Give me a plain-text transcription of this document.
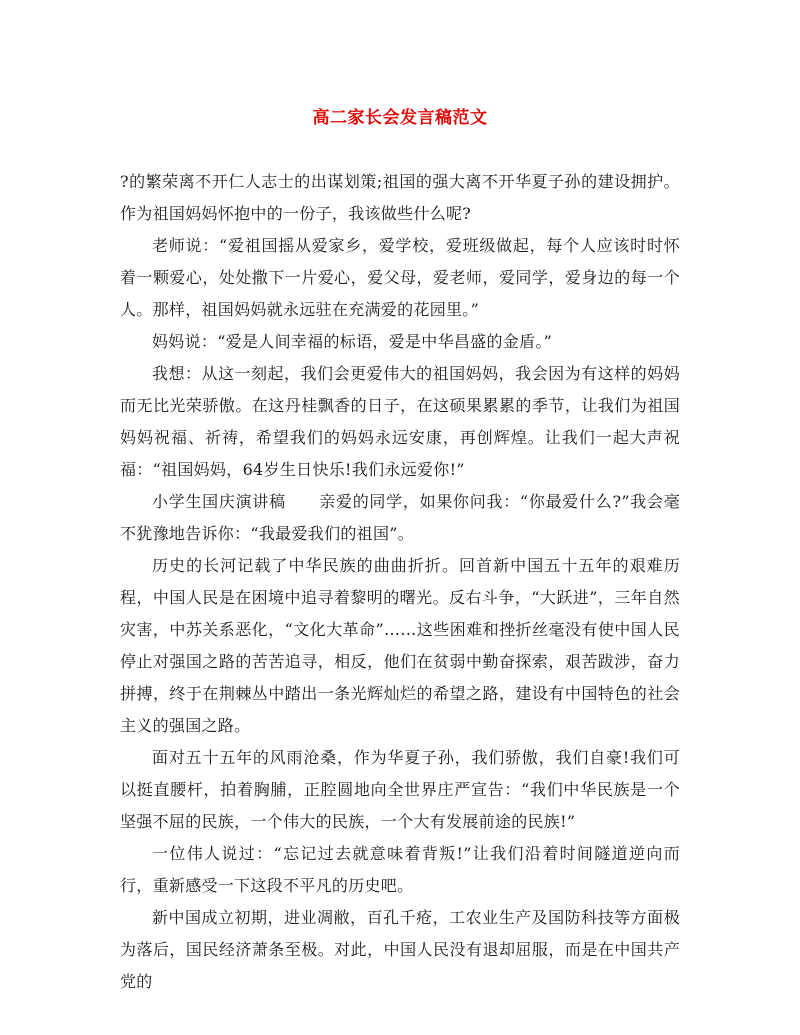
高二家长会发言稿范文

?的繁荣离不开仁人志士的出谋划策;祖国的强大离不开华夏子孙的建设拥护。作为祖国妈妈怀抱中的一份子，我该做些什么呢?

老师说：“爱祖国摇从爱家乡，爱学校，爱班级做起，每个人应该时时怀着一颗爱心，处处撒下一片爱心，爱父母，爱老师，爱同学，爱身边的每一个人。那样，祖国妈妈就永远驻在充满爱的花园里。”

妈妈说：“爱是人间幸福的标语，爱是中华昌盛的金盾。”

我想：从这一刻起，我们会更爱伟大的祖国妈妈，我会因为有这样的妈妈而无比光荣骄傲。在这丹桂飘香的日子，在这硕果累累的季节，让我们为祖国妈妈祝福、祈祷，希望我们的妈妈永远安康，再创辉煌。让我们一起大声祝福：“祖国妈妈，64岁生日快乐!我们永远爱你!”

小学生国庆演讲稿　　亲爱的同学，如果你问我：“你最爱什么?”我会毫不犹豫地告诉你：“我最爱我们的祖国”。

历史的长河记载了中华民族的曲曲折折。回首新中国五十五年的艰难历程，中国人民是在困境中追寻着黎明的曙光。反右斗争，“大跃进”，三年自然灾害，中苏关系恶化，“文化大革命”……这些困难和挫折丝毫没有使中国人民停止对强国之路的苦苦追寻，相反，他们在贫弱中勤奋探索，艰苦跋涉，奋力拼搏，终于在荆棘丛中踏出一条光辉灿烂的希望之路，建设有中国特色的社会主义的强国之路。

面对五十五年的风雨沧桑，作为华夏子孙，我们骄傲，我们自豪!我们可以挺直腰杆，拍着胸脯，正腔圆地向全世界庄严宣告：“我们中华民族是一个坚强不屈的民族，一个伟大的民族，一个大有发展前途的民族!”

一位伟人说过：“忘记过去就意味着背叛!”让我们沿着时间隧道逆向而行，重新感受一下这段不平凡的历史吧。

新中国成立初期，进业凋敝，百孔千疮，工农业生产及国防科技等方面极为落后，国民经济萧条至极。对此，中国人民没有退却屈服，而是在中国共产党的
